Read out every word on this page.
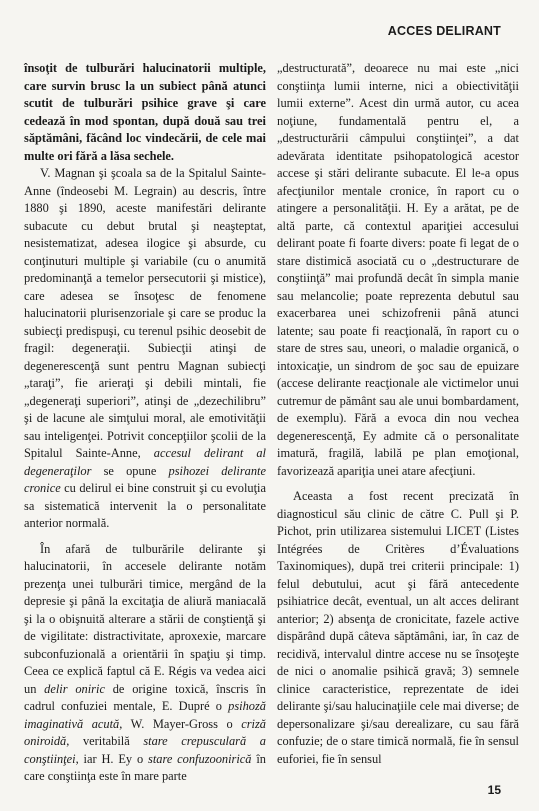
ACCES DELIRANT

însoţit de tulburări halucinatorii multiple, care survin brusc la un subiect până atunci scutit de tulburări psihice grave şi care cedează în mod spontan, după două sau trei săptămâni, făcând loc vindecării, de cele mai multe ori fără a lăsa sechele.

V. Magnan şi şcoala sa de la Spitalul Sainte-Anne (îndeosebi M. Legrain) au descris, între 1880 şi 1890, aceste manifestări delirante subacute cu debut brutal şi neaşteptat, nesistematizat, adesea ilogice şi absurde, cu conţinuturi multiple şi variabile (cu o anumită predominanţă a temelor persecutorii şi mistice), care adesea se însoţesc de fenomene halucinatorii plurisenzoriale şi care se produc la subiecţi predispuşi, cu terenul psihic deosebit de fragil: degeneraţii. Subiecţii atinşi de degenerescenţă sunt pentru Magnan subiecţi „taraţi”, fie arieraţi şi debili mintali, fie „degeneraţi superiori”, atinşi de „dezechilibru” şi de lacune ale simţului moral, ale emotivităţii sau inteligenţei. Potrivit concepţiilor şcolii de la Spitalul Sainte-Anne, accesul delirant al degeneraţilor se opune psihozei delirante cronice cu delirul ei bine construit şi cu evoluţia sa sistematică intervenit la o personalitate anterior normală.

În afară de tulburările delirante şi halucinatorii, în accesele delirante notăm prezenţa unei tulburări timice, mergând de la depresie şi până la excitaţia de aliură maniacală şi la o obişnuită alterare a stării de conştienţă şi de vigilitate: distractivitate, aproxexie, marcare subconfuzională a orientării în spaţiu şi timp. Ceea ce explică faptul că E. Régis va vedea aici un delir oniric de origine toxică, înscris în cadrul confuziei mentale, E. Dupré o psihoză imaginativă acută, W. Mayer-Gross o criză oniroidă, veritabilă stare crepusculară a conştiinţei, iar H. Ey o stare confuzoonirică în care conştiinţa este în mare parte

„destructurată”, deoarece nu mai este „nici conştiinţa lumii interne, nici a obiectivităţii lumii externe”. Acest din urmă autor, cu acea noţiune, fundamentală pentru el, a „destructurării câmpului conştiinţei”, a dat adevărata identitate psihopatologică acestor accese şi stări delirante subacute. El le-a opus afecţiunilor mentale cronice, în raport cu o atingere a personalităţii. H. Ey a arătat, pe de altă parte, că contextul apariţiei accesului delirant poate fi foarte divers: poate fi legat de o stare distimică asociată cu o „destructurare de conştiinţă” mai profundă decât în simpla manie sau melancolie; poate reprezenta debutul sau exacerbarea unei schizofrenii până atunci latente; sau poate fi reacţională, în raport cu o stare de stres sau, uneori, o maladie organică, o intoxicaţie, un sindrom de şoc sau de epuizare (accese delirante reacţionale ale victimelor unui cutremur de pământ sau ale unui bombardament, de exemplu). Fără a evoca din nou vechea degenerescenţă, Ey admite că o personalitate imatură, fragilă, labilă pe plan emoţional, favorizează apariţia unei atare afecţiuni.

Aceasta a fost recent precizată în diagnosticul său clinic de către C. Pull şi P. Pichot, prin utilizarea sistemului LICET (Listes Intégrées de Critères d’Évaluations Taxinomiques), după trei criterii principale: 1) felul debutului, acut şi fără antecedente psihiatrice decât, eventual, un alt acces delirant anterior; 2) absenţa de cronicitate, fazele active dispărând după câteva săptămâni, iar, în caz de recidivă, intervalul dintre accese nu se însoţeşte de nici o anomalie psihică gravă; 3) semnele clinice caracteristice, reprezentate de idei delirante şi/sau halucinaţiile cele mai diverse; de depersonalizare şi/sau derealizare, cu sau fără confuzie; de o stare timică normală, fie în sensul euforiei, fie în sensul

15
